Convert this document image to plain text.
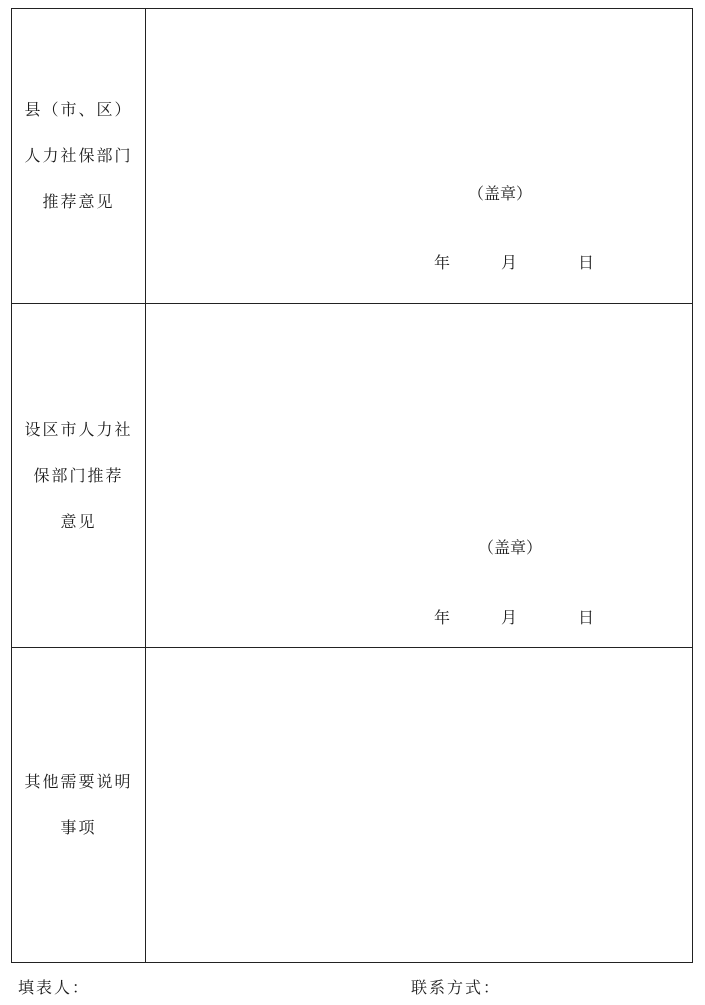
县（市、区）
人力社保部门
推荐意见	（盖章）
年 月 日

设区市人力社
保部门推荐
意见	（盖章）
年 月 日

其他需要说明
事项	

填表人：	联系方式：
